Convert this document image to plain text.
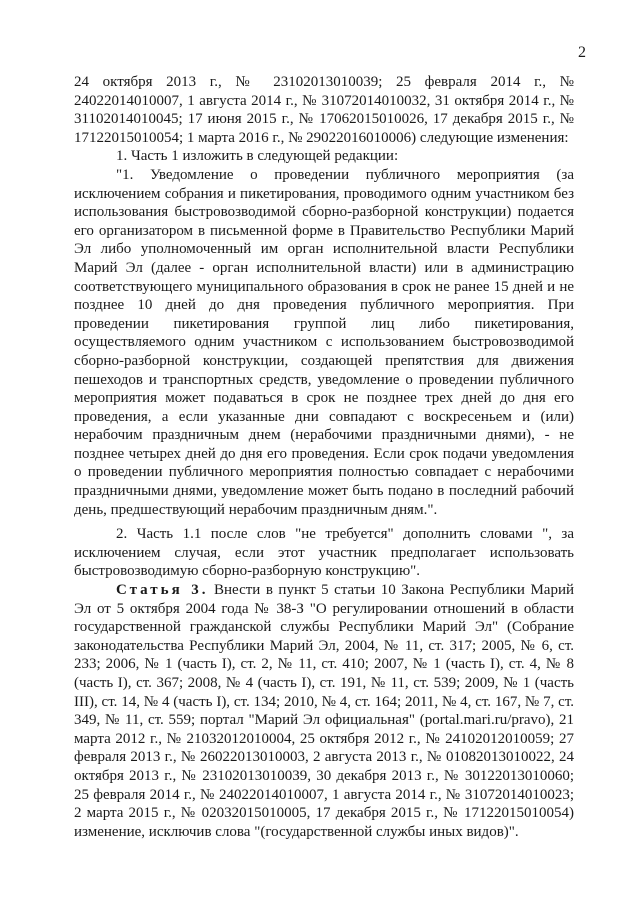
2

24 октября 2013 г., № 23102013010039; 25 февраля 2014 г., № 24022014010007, 1 августа 2014 г., № 31072014010032, 31 октября 2014 г., № 31102014010045; 17 июня 2015 г., № 17062015010026, 17 декабря 2015 г., № 17122015010054; 1 марта 2016 г., № 29022016010006) следующие изменения:

1. Часть 1 изложить в следующей редакции:

"1. Уведомление о проведении публичного мероприятия (за исключением собрания и пикетирования, проводимого одним участником без использования быстровозводимой сборно-разборной конструкции) подается его организатором в письменной форме в Правительство Республики Марий Эл либо уполномоченный им орган исполнительной власти Республики Марий Эл (далее - орган исполнительной власти) или в администрацию соответствующего муниципального образования в срок не ранее 15 дней и не позднее 10 дней до дня проведения публичного мероприятия. При проведении пикетирования группой лиц либо пикетирования, осуществляемого одним участником с использованием быстровозводимой сборно-разборной конструкции, создающей препятствия для движения пешеходов и транспортных средств, уведомление о проведении публичного мероприятия может подаваться в срок не позднее трех дней до дня его проведения, а если указанные дни совпадают с воскресеньем и (или) нерабочим праздничным днем (нерабочими праздничными днями), - не позднее четырех дней до дня его проведения. Если срок подачи уведомления о проведении публичного мероприятия полностью совпадает с нерабочими праздничными днями, уведомление может быть подано в последний рабочий день, предшествующий нерабочим праздничным дням.".

2. Часть 1.1 после слов "не требуется" дополнить словами ", за исключением случая, если этот участник предполагает использовать быстровозводимую сборно-разборную конструкцию".

Статья 3. Внести в пункт 5 статьи 10 Закона Республики Марий Эл от 5 октября 2004 года № 38-З "О регулировании отношений в области государственной гражданской службы Республики Марий Эл" (Собрание законодательства Республики Марий Эл, 2004, № 11, ст. 317; 2005, № 6, ст. 233; 2006, № 1 (часть I), ст. 2, № 11, ст. 410; 2007, № 1 (часть I), ст. 4, № 8 (часть I), ст. 367; 2008, № 4 (часть I), ст. 191, № 11, ст. 539; 2009, № 1 (часть III), ст. 14, № 4 (часть I), ст. 134; 2010, № 4, ст. 164; 2011, № 4, ст. 167, № 7, ст. 349, № 11, ст. 559; портал "Марий Эл официальная" (portal.mari.ru/pravo), 21 марта 2012 г., № 21032012010004, 25 октября 2012 г., № 24102012010059; 27 февраля 2013 г., № 26022013010003, 2 августа 2013 г., № 01082013010022, 24 октября 2013 г., № 23102013010039, 30 декабря 2013 г., № 30122013010060; 25 февраля 2014 г., № 24022014010007, 1 августа 2014 г., № 31072014010023; 2 марта 2015 г., № 02032015010005, 17 декабря 2015 г., № 17122015010054) изменение, исключив слова "(государственной службы иных видов)".
